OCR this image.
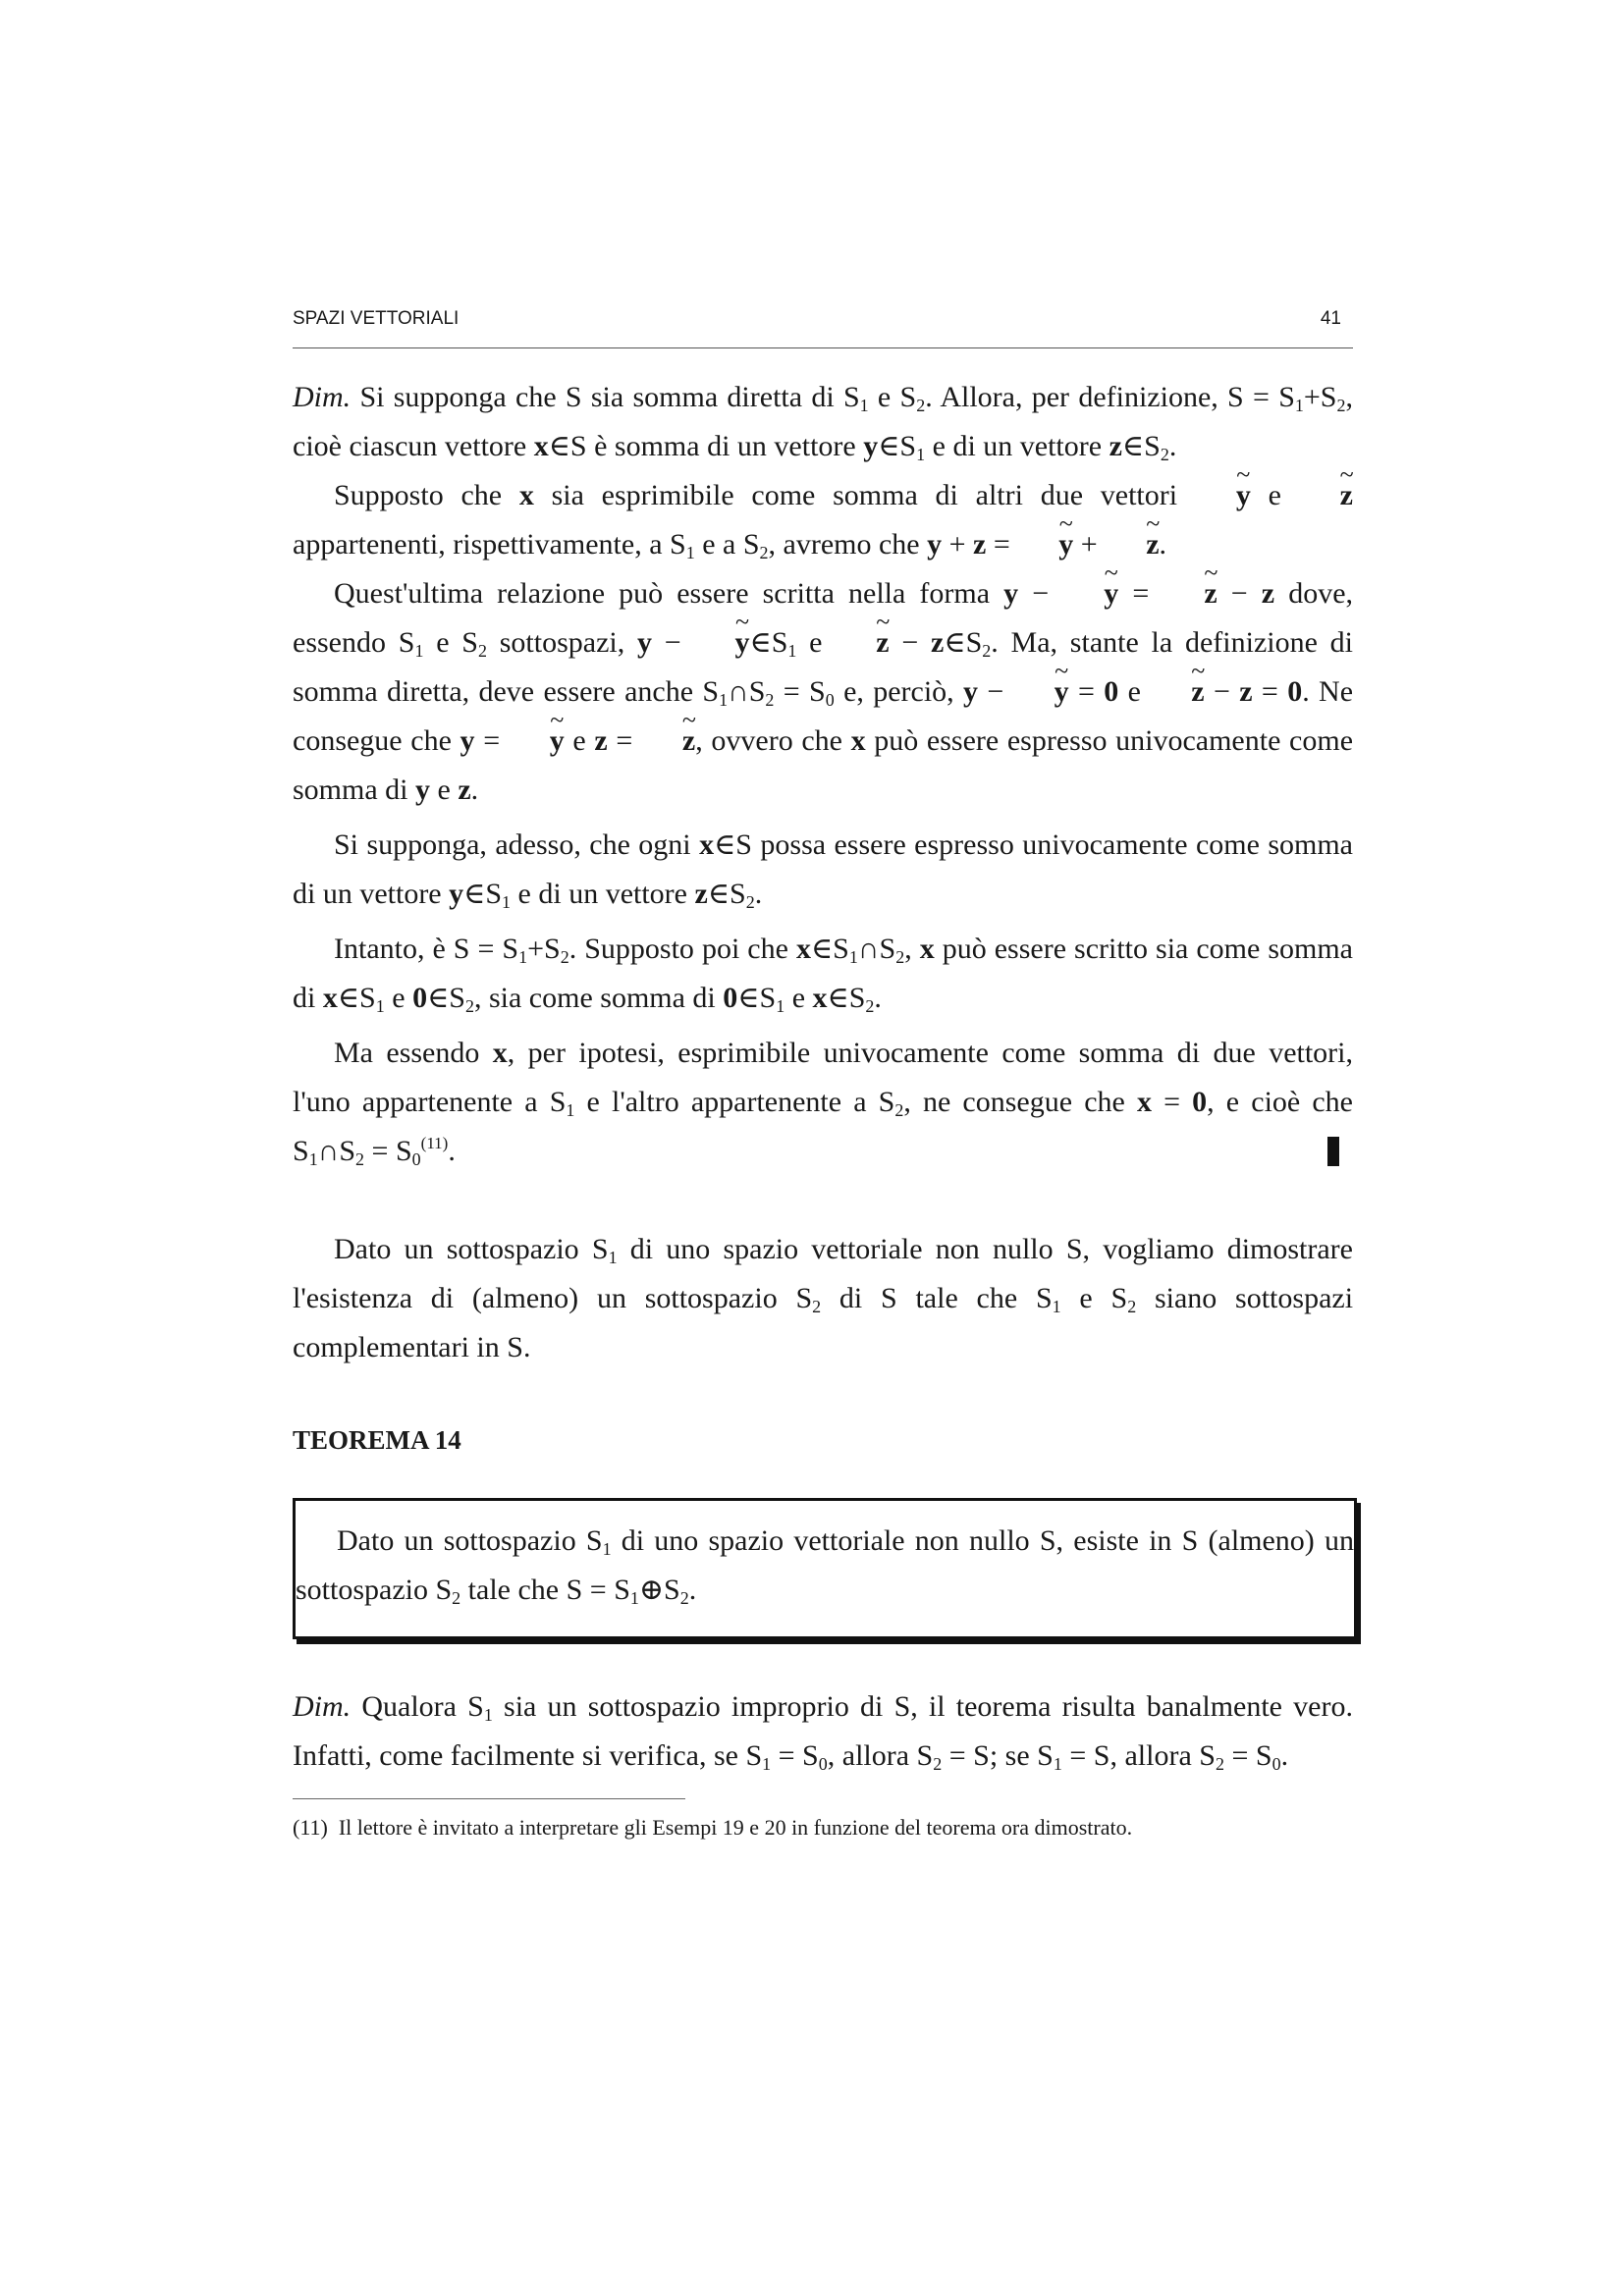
SPAZI VETTORIALI	41

Dim. Si supponga che S sia somma diretta di $S_1$ e $S_2$. Allora, per definizione, $S = S_1+S_2$, cioè ciascun vettore x∈S è somma di un vettore $y\in S_1$ e di un vettore $z\in S_2$.

Supposto che x sia esprimibile come somma di altri due vettori ~ y e ~ z appartenenti, rispettivamente, a $S_1$ e a $S_2$, avremo che y + z = ~ y + ~ z.

Quest'ultima relazione può essere scritta nella forma y − ~ y = ~ z − z dove, essendo $S_1$ e $S_2$ sottospazi, y − ~ $y\in S_1$ e ~ $z - z\in S_2$. Ma, stante la definizione di somma diretta, deve essere anche $S_1\cap S_2 = S_0$ e, perciò, y − ~ y = 0 e ~ z − z = 0. Ne consegue che y = ~ y e z = ~ z, ovvero che x può essere espresso univocamente come somma di y e z.

Si supponga, adesso, che ogni x∈S possa essere espresso univocamente come somma di un vettore $y\in S_1$ e di un vettore $z\in S_2$.

Intanto, è $S = S_1+S_2$. Supposto poi che $x\in S_1\cap S_2$, x può essere scritto sia come somma di $x\in S_1$ e $0\in S_2$, sia come somma di $0\in S_1$ e $x\in S_2$.

Ma essendo x, per ipotesi, esprimibile univocamente come somma di due vettori, l'uno appartenente a $S_1$ e l'altro appartenente a $S_2$, ne consegue che x = 0, e cioè che $S_1\cap S_2 = S_0^{(11)}$.

Dato un sottospazio $S_1$ di uno spazio vettoriale non nullo S, vogliamo dimostrare l'esistenza di (almeno) un sottospazio $S_2$ di S tale che $S_1$ e $S_2$ siano sottospazi complementari in S.

TEOREMA 14

Dato un sottospazio $S_1$ di uno spazio vettoriale non nullo S, esiste in S (almeno) un sottospazio $S_2$ tale che $S = S_1\oplus S_2$.

Dim. Qualora $S_1$ sia un sottospazio improprio di S, il teorema risulta banalmente vero. Infatti, come facilmente si verifica, se $S_1 = S_0$, allora $S_2 = S$; se $S_1 = S$, allora $S_2 = S_0$.

(11) Il lettore è invitato a interpretare gli Esempi 19 e 20 in funzione del teorema ora dimostrato.
